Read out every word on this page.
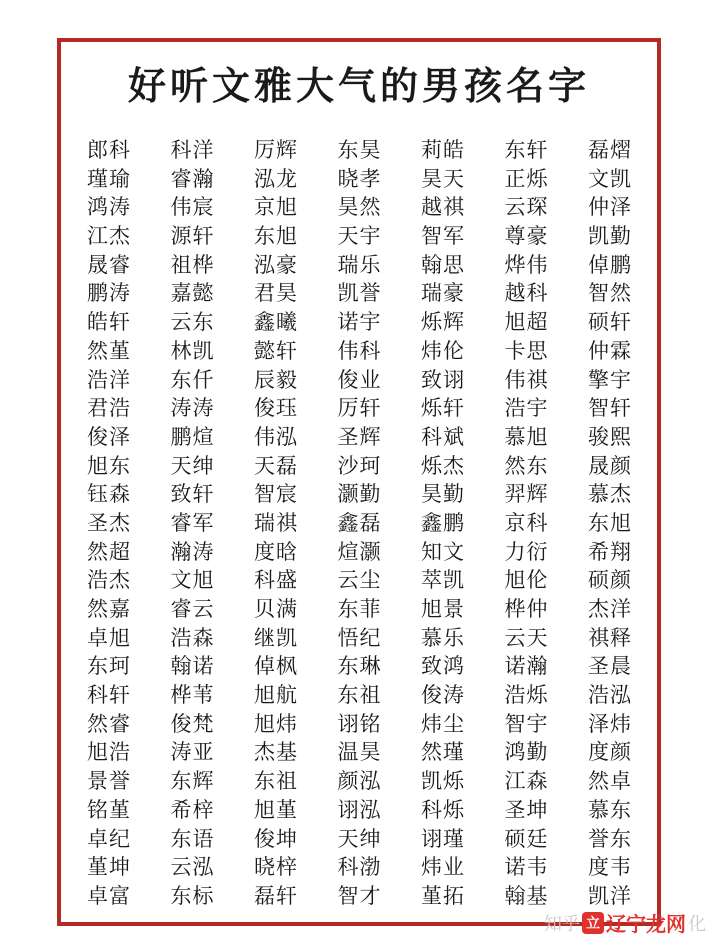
好听文雅大气的男孩名字
郎科	科洋	厉辉	东昊	莉皓	东轩	磊熠
瑾瑜	睿瀚	泓龙	晓孝	昊天	正烁	文凯
鸿涛	伟宸	京旭	昊然	越祺	云琛	仲泽
江杰	源轩	东旭	天宇	智军	尊豪	凯勤
晟睿	祖桦	泓豪	瑞乐	翰思	烨伟	倬鹏
鹏涛	嘉懿	君昊	凯誉	瑞豪	越科	智然
皓轩	云东	鑫曦	诺宇	烁辉	旭超	硕轩
然堇	林凯	懿轩	伟科	炜伦	卡思	仲霖
浩洋	东仟	辰毅	俊业	致诩	伟祺	擎宇
君浩	涛涛	俊珏	厉轩	烁轩	浩宇	智轩
俊泽	鹏煊	伟泓	圣辉	科斌	慕旭	骏熙
旭东	天绅	天磊	沙珂	烁杰	然东	晟颜
钰森	致轩	智宸	灏勤	昊勤	羿辉	慕杰
圣杰	睿军	瑞祺	鑫磊	鑫鹏	京科	东旭
然超	瀚涛	度晗	煊灏	知文	力衍	希翔
浩杰	文旭	科盛	云尘	萃凯	旭伦	硕颜
然嘉	睿云	贝满	东菲	旭景	桦仲	杰洋
卓旭	浩森	继凯	悟纪	慕乐	云天	祺释
东珂	翰诺	倬枫	东琳	致鸿	诺瀚	圣晨
科轩	桦苇	旭航	东祖	俊涛	浩烁	浩泓
然睿	俊梵	旭炜	诩铭	炜尘	智宇	泽炜
旭浩	涛亚	杰基	温昊	然瑾	鸿勤	度颜
景誉	东辉	东祖	颜泓	凯烁	江森	然卓
铭堇	希梓	旭堇	诩泓	科烁	圣坤	慕东
卓纪	东语	俊坤	天绅	诩瑾	硕廷	誉东
堇坤	云泓	晓梓	科渤	炜业	诺韦	度韦
卓富	东标	磊轩	智才	堇拓	翰基	凯洋
知乎 立 辽宁龙网 化
